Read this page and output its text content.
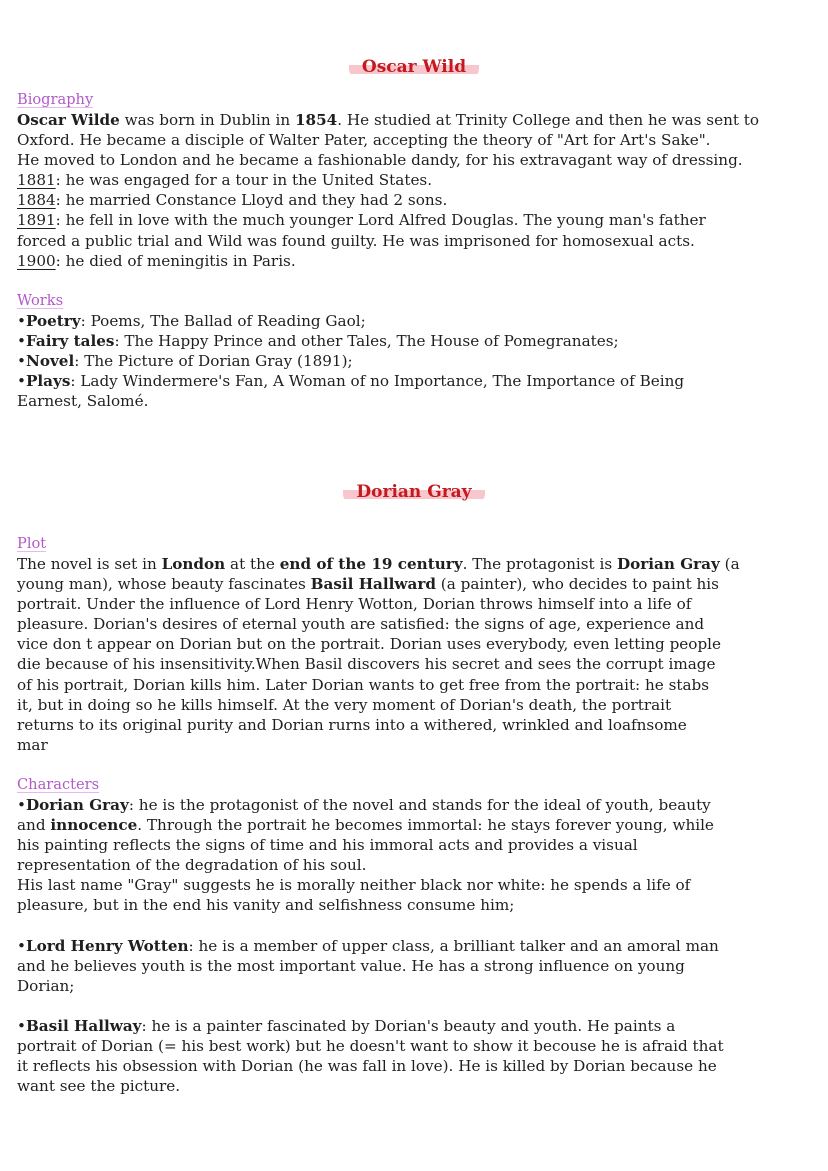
Oscar Wild
Biography
Oscar Wilde was born in Dublin in 1854. He studied at Trinity College and then he was sent to
Oxford. He became a disciple of Walter Pater, accepting the theory of "Art for Art's Sake".
He moved to London and he became a fashionable dandy, for his extravagant way of dressing.
1881: he was engaged for a tour in the United States.
1884: he married Constance Lloyd and they had 2 sons.
1891: he fell in love with the much younger Lord Alfred Douglas. The young man's father
forced a public trial and Wild was found guilty. He was imprisoned for homosexual acts.
1900: he died of meningitis in Paris.
Works
•Poetry: Poems, The Ballad of Reading Gaol;
•Fairy tales: The Happy Prince and other Tales, The House of Pomegranates;
•Novel: The Picture of Dorian Gray (1891);
•Plays: Lady Windermere's Fan, A Woman of no Importance, The Importance of Being
Earnest, Salomé.
Dorian Gray
Plot
The novel is set in London at the end of the 19 century. The protagonist is Dorian Gray (a
young man), whose beauty fascinates Basil Hallward (a painter), who decides to paint his
portrait. Under the influence of Lord Henry Wotton, Dorian throws himself into a life of
pleasure. Dorian's desires of eternal youth are satisfied: the signs of age, experience and
vice don t appear on Dorian but on the portrait. Dorian uses everybody, even letting people
die because of his insensitivity.When Basil discovers his secret and sees the corrupt image
of his portrait, Dorian kills him. Later Dorian wants to get free from the portrait: he stabs
it, but in doing so he kills himself. At the very moment of Dorian's death, the portrait
returns to its original purity and Dorian rurns into a withered, wrinkled and loafnsome
mar
Characters
•Dorian Gray: he is the protagonist of the novel and stands for the ideal of youth, beauty
and innocence. Through the portrait he becomes immortal: he stays forever young, while
his painting reflects the signs of time and his immoral acts and provides a visual
representation of the degradation of his soul.
His last name "Gray" suggests he is morally neither black nor white: he spends a life of
pleasure, but in the end his vanity and selfishness consume him;
•Lord Henry Wotten: he is a member of upper class, a brilliant talker and an amoral man
and he believes youth is the most important value. He has a strong influence on young
Dorian;
•Basil Hallway: he is a painter fascinated by Dorian's beauty and youth. He paints a
portrait of Dorian (= his best work) but he doesn't want to show it becouse he is afraid that
it reflects his obsession with Dorian (he was fall in love). He is killed by Dorian because he
want see the picture.
